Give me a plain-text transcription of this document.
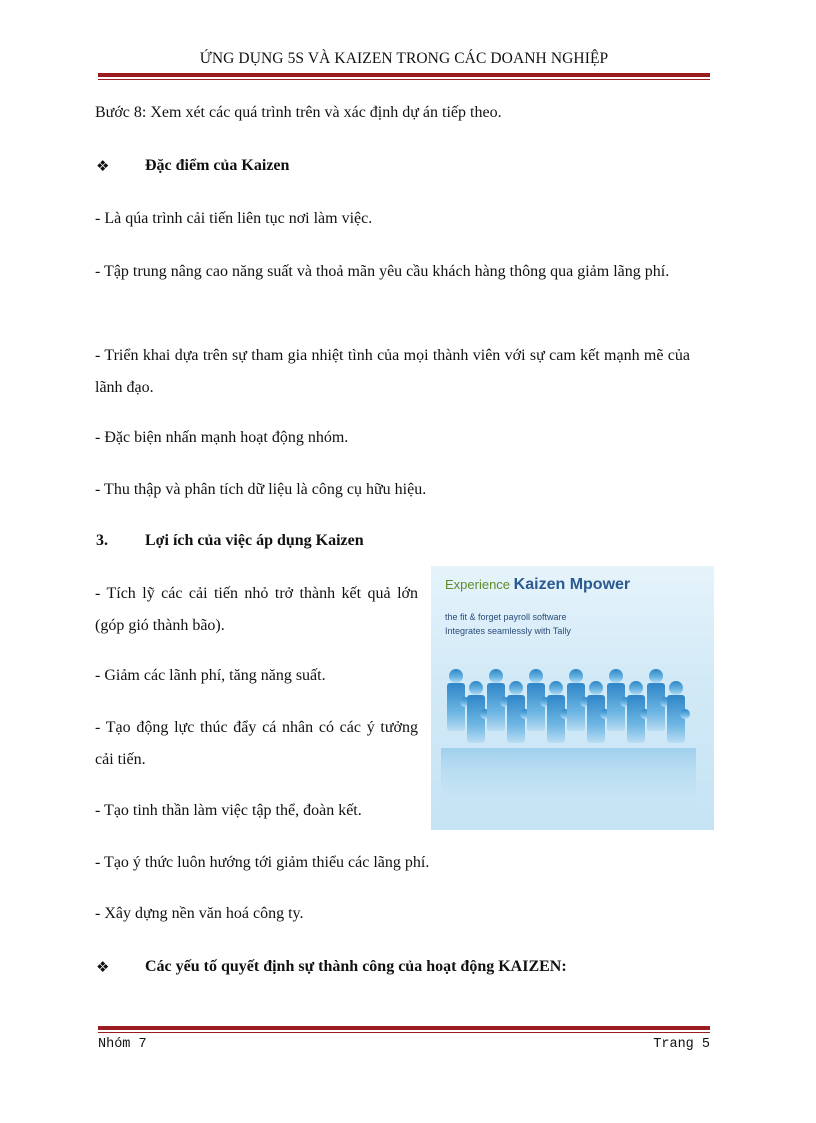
ỨNG DỤNG 5S VÀ KAIZEN TRONG CÁC DOANH NGHIỆP
Bước 8: Xem xét các quá trình trên và xác định dự án tiếp theo.
❖ Đặc điểm của Kaizen
- Là qúa trình cải tiến liên tục nơi làm việc.
- Tập trung nâng cao năng suất và thoả mãn yêu cầu khách hàng thông qua giảm lãng phí.
- Triển khai dựa trên sự tham gia nhiệt tình của mọi thành viên với sự cam kết mạnh mẽ của lãnh đạo.
- Đặc biện nhấn mạnh hoạt động nhóm.
- Thu thập và phân tích dữ liệu là công cụ hữu hiệu.
3. Lợi ích của việc áp dụng Kaizen
- Tích lỹ các cải tiến nhỏ trở thành kết quả lớn (góp gió thành bão).
- Giảm các lãnh phí, tăng năng suất.
- Tạo động lực thúc đẩy cá nhân có các ý tưởng cải tiến.
- Tạo tinh thần làm việc tập thể, đoàn kết.
- Tạo ý thức luôn hướng tới giảm thiểu các lãng phí.
- Xây dựng nền văn hoá công ty.
❖ Các yếu tố quyết định sự thành công của hoạt động KAIZEN:
Experience Kaizen Mpower
the fit & forget payroll software
Integrates seamlessly with Tally
Nhóm 7	Trang 5
